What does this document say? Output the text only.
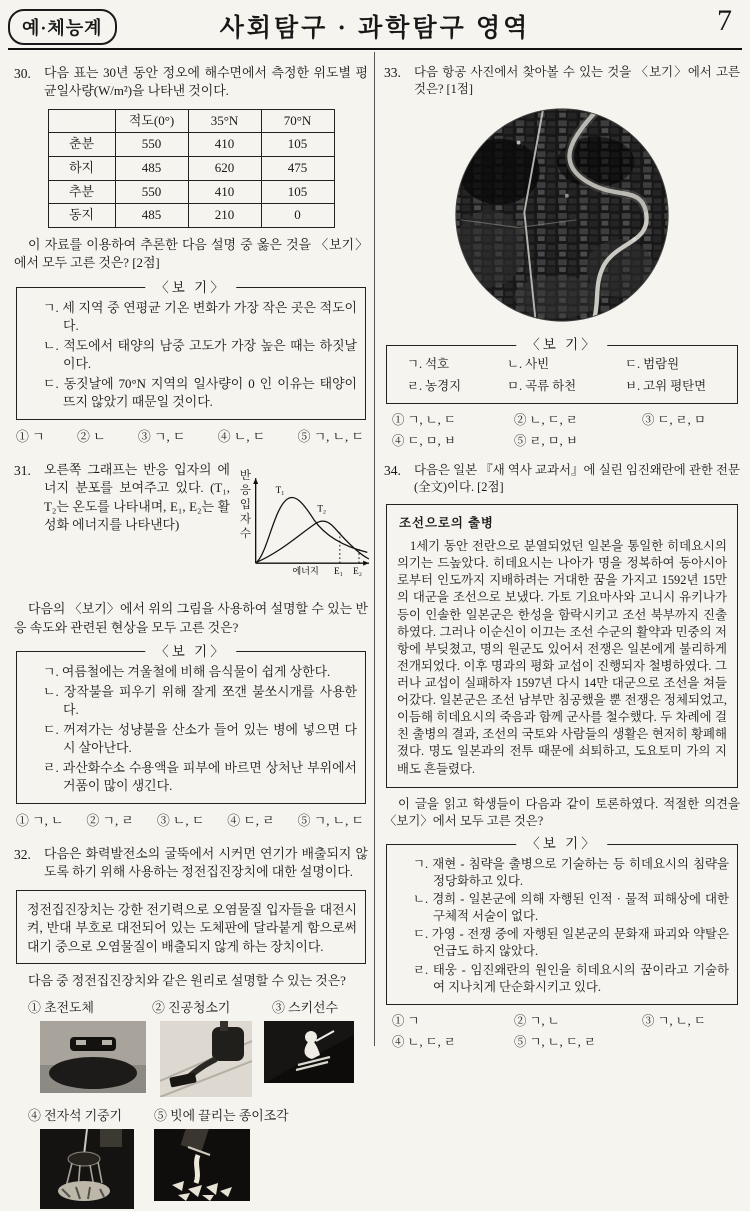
예·체능계	사회탐구 · 과학탐구 영역	7
30.	다음 표는 30년 동안 정오에 해수면에서 측정한 위도별 평균일사량(W/m²)을 나타낸 것이다.
	적도(0°)	35°N	70°N
춘분	550	410	105
하지	485	620	475
추분	550	410	105
동지	485	210	0
이 자료를 이용하여 추론한 다음 설명 중 옳은 것을 〈보기〉에서 모두 고른 것은? [2점]
〈보 기〉
ㄱ. 세 지역 중 연평균 기온 변화가 가장 작은 곳은 적도이다.
ㄴ. 적도에서 태양의 남중 고도가 가장 높은 때는 하짓날이다.
ㄷ. 동짓날에 70°N 지역의 일사량이 0 인 이유는 태양이 뜨지 않았기 때문일 것이다.
① ㄱ	② ㄴ	③ ㄱ, ㄷ	④ ㄴ, ㄷ	⑤ ㄱ, ㄴ, ㄷ
31.	오른쪽 그래프는 반응 입자의 에너지 분포를 보여주고 있다. (T₁, T₂는 온도를 나타내며, E₁, E₂는 활성화 에너지를 나타낸다)
T₁
T₂
에너지 E₁ E₂
반응입자수
다음의 〈보기〉에서 위의 그림을 사용하여 설명할 수 있는 반응 속도와 관련된 현상을 모두 고른 것은?
〈보 기〉
ㄱ. 여름철에는 겨울철에 비해 음식물이 쉽게 상한다.
ㄴ. 장작불을 피우기 위해 잘게 쪼갠 불쏘시개를 사용한다.
ㄷ. 꺼져가는 성냥불을 산소가 들어 있는 병에 넣으면 다시 살아난다.
ㄹ. 과산화수소 수용액을 피부에 바르면 상처난 부위에서 거품이 많이 생긴다.
① ㄱ, ㄴ ② ㄱ, ㄹ ③ ㄴ, ㄷ ④ ㄷ, ㄹ ⑤ ㄱ, ㄴ, ㄷ
32.	다음은 화력발전소의 굴뚝에서 시커먼 연기가 배출되지 않도록 하기 위해 사용하는 정전집진장치에 대한 설명이다.
정전집진장치는 강한 전기력으로 오염물질 입자들을 대전시켜, 반대 부호로 대전되어 있는 도체판에 달라붙게 함으로써 대기 중으로 오염물질이 배출되지 않게 하는 장치이다.
다음 중 정전집진장치와 같은 원리로 설명할 수 있는 것은?
① 초전도체	② 진공청소기	③ 스키선수
④ 전자석 기중기	⑤ 빗에 끌리는 종이조각
33.	다음 항공 사진에서 찾아볼 수 있는 것을 〈보기〉에서 고른 것은? [1점]
〈보 기〉
ㄱ. 석호	ㄴ. 사빈	ㄷ. 범람원
ㄹ. 농경지	ㅁ. 곡류 하천	ㅂ. 고위 평탄면
① ㄱ, ㄴ, ㄷ	② ㄴ, ㄷ, ㄹ	③ ㄷ, ㄹ, ㅁ
④ ㄷ, ㅁ, ㅂ	⑤ ㄹ, ㅁ, ㅂ
34.	다음은 일본 『새 역사 교과서』에 실린 임진왜란에 관한 전문(全文)이다. [2점]
조선으로의 출병
1세기 동안 전란으로 분열되었던 일본을 통일한 히데요시의 의기는 드높았다. 히데요시는 나아가 명을 정복하여 동아시아로부터 인도까지 지배하려는 거대한 꿈을 가지고 1592년 15만의 대군을 조선으로 보냈다. 가토 기요마사와 고니시 유키나가 등이 인솔한 일본군은 한성을 함락시키고 조선 북부까지 진출하였다. 그러나 이순신이 이끄는 조선 수군의 활약과 민중의 저항에 부딪쳤고, 명의 원군도 있어서 전쟁은 일본에게 불리하게 전개되었다. 이후 명과의 평화 교섭이 진행되자 철병하였다. 그러나 교섭이 실패하자 1597년 다시 14만 대군으로 조선을 쳐들어갔다. 일본군은 조선 남부만 침공했을 뿐 전쟁은 정체되었고, 이듬해 히데요시의 죽음과 함께 군사를 철수했다. 두 차례에 걸친 출병의 결과, 조선의 국토와 사람들의 생활은 현저히 황폐해졌다. 명도 일본과의 전투 때문에 쇠퇴하고, 도요토미 가의 지배도 흔들렸다.
이 글을 읽고 학생들이 다음과 같이 토론하였다. 적절한 의견을 〈보기〉에서 모두 고른 것은?
〈보 기〉
ㄱ. 재현 - 침략을 출병으로 기술하는 등 히데요시의 침략을 정당화하고 있다.
ㄴ. 경희 - 일본군에 의해 자행된 인적 · 물적 피해상에 대한 구체적 서술이 없다.
ㄷ. 가영 - 전쟁 중에 자행된 일본군의 문화재 파괴와 약탈은 언급도 하지 않았다.
ㄹ. 태웅 - 임진왜란의 원인을 히데요시의 꿈이라고 기술하여 지나치게 단순화시키고 있다.
① ㄱ	② ㄱ, ㄴ	③ ㄱ, ㄴ, ㄷ
④ ㄴ, ㄷ, ㄹ	⑤ ㄱ, ㄴ, ㄷ, ㄹ
